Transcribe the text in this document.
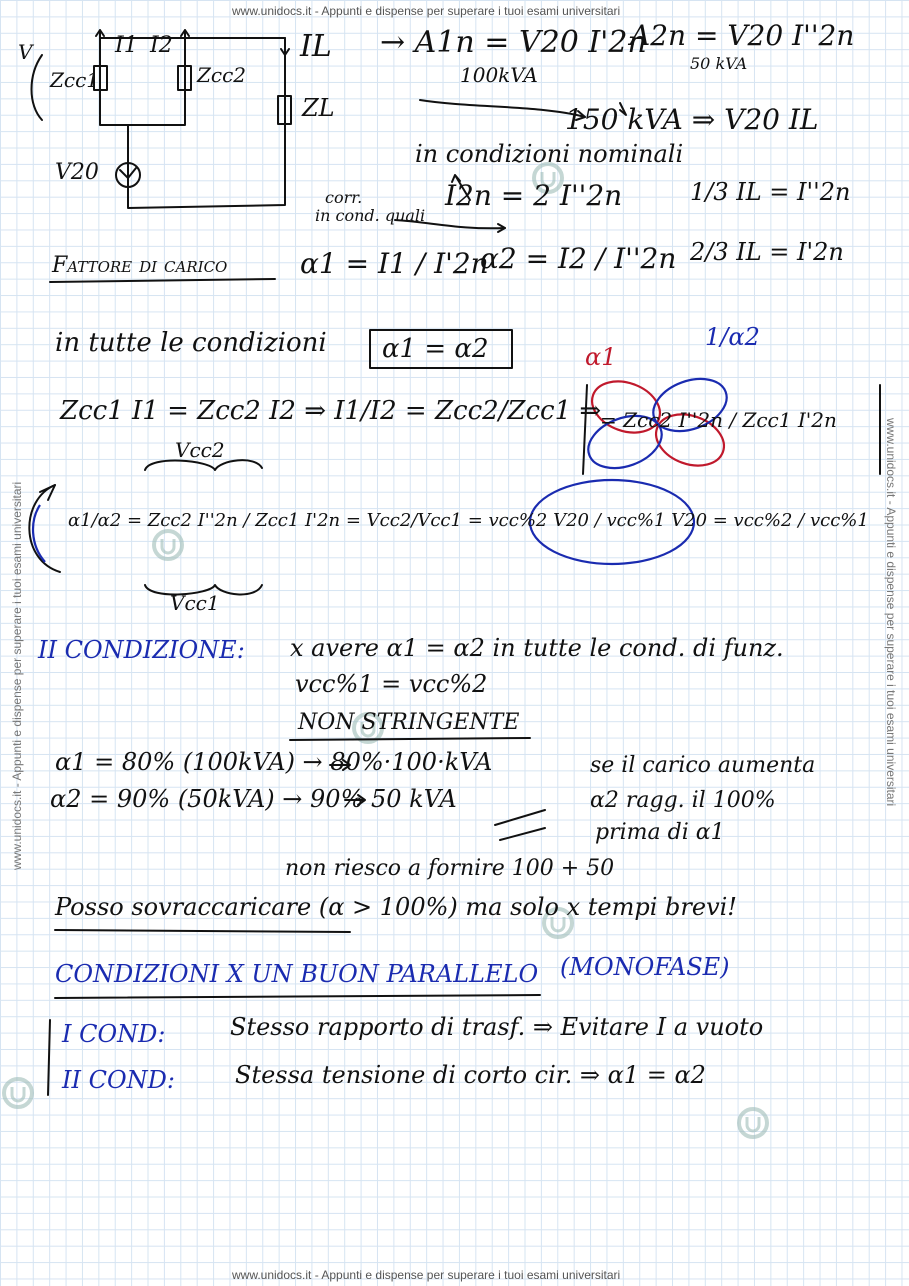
www.unidocs.it - Appunti e dispense per superare i tuoi esami universitari
www.unidocs.it - Appunti e dispense per superare i tuoi esami universitari
www.unidocs.it - Appunti e dispense per superare i tuoi esami universitari	www.unidocs.it - Appunti e dispense per superare i tuoi esami universitari
V	I1 I2	IL
Zcc1	Zcc2
ZL
V20
→ A1n = V20 I'2n
100kVA
A2n = V20 I''2n
50 kVA
150 kVA ⇒ V20 IL
in condizioni nominali
corr.
in cond. quali
I2n = 2 I''2n	1/3 IL = I''2n
2/3 IL = I'2n
Fattore di carico	α1 = I1 / I'2n
α2 = I2 / I''2n
in tutte le condizioni α1 = α2
Zcc1 I1 = Zcc2 I2 ⇒ I1/I2 = Zcc2/Zcc1 ⇒
= Zcc2 I''2n / Zcc1 I'2n
α1
1/α2
Vcc2
Vcc1
α1/α2 = Zcc2 I''2n / Zcc1 I'2n = Vcc2/Vcc1 = vcc%2 V20 / vcc%1 V20 = vcc%2 / vcc%1
II CONDIZIONE: x avere α1 = α2 in tutte le cond. di funz.
vcc%1 = vcc%2
NON STRINGENTE
α1 = 80% (100kVA) → 80%·100·kVA
α2 = 90% (50kVA) → 90% 50 kVA
se il carico aumenta
α2 ragg. il 100%
prima di α1
non riesco a fornire 100 + 50
Posso sovraccaricare (α > 100%) ma solo x tempi brevi!
CONDIZIONI X UN BUON PARALLELO (MONOFASE)
I COND:	Stesso rapporto di trasf. ⇒ Evitare I a vuoto
II COND:	Stessa tensione di corto cir. ⇒ α1 = α2
